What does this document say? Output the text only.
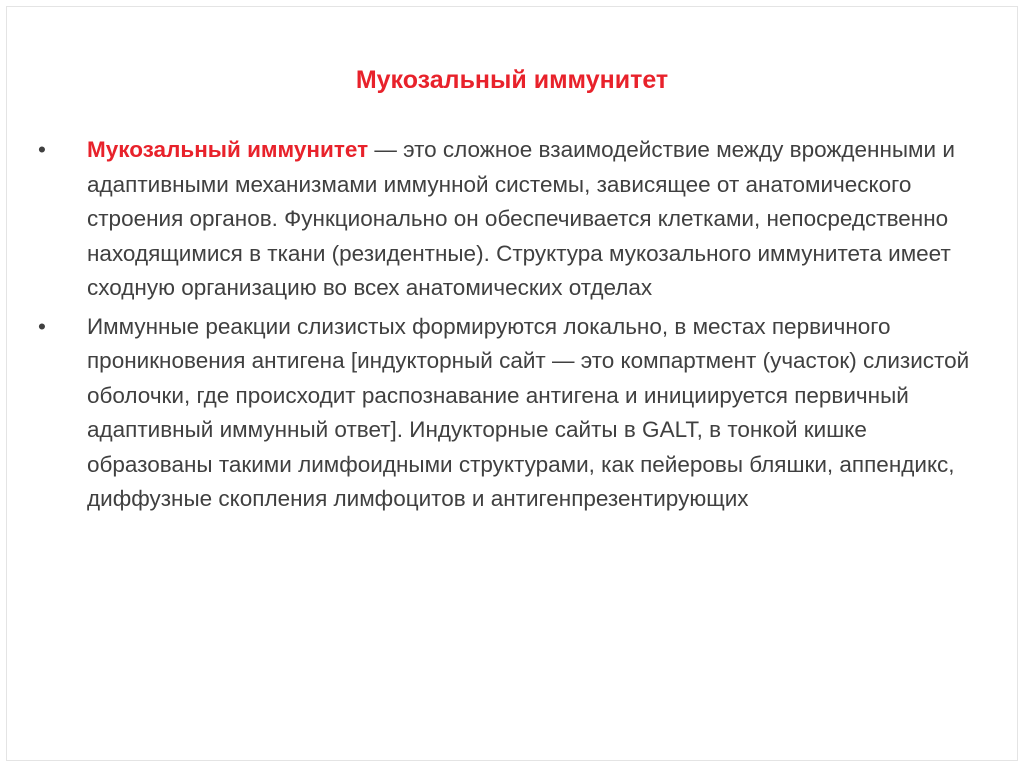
Мукозальный иммунитет
•	Мукозальный иммунитет — это сложное взаимодействие между врожденными и адаптивными механизмами иммунной системы, зависящее от анатомического строения органов. Функционально он обеспечивается клетками, непосредственно находящимися в ткани (резидентные). Структура мукозального иммунитета имеет сходную организацию во всех анатомических отделах
•	Иммунные реакции слизистых формируются локально, в местах первичного проникновения антигена [индукторный сайт — это компартмент (участок) слизистой оболочки, где происходит распознавание антигена и инициируется первичный адаптивный иммунный ответ]. Индукторные сайты в GALT, в тонкой кишке образованы такими лимфоидными структурами, как пейеровы бляшки, аппендикс, диффузные скопления лимфоцитов и антигенпрезентирующих
